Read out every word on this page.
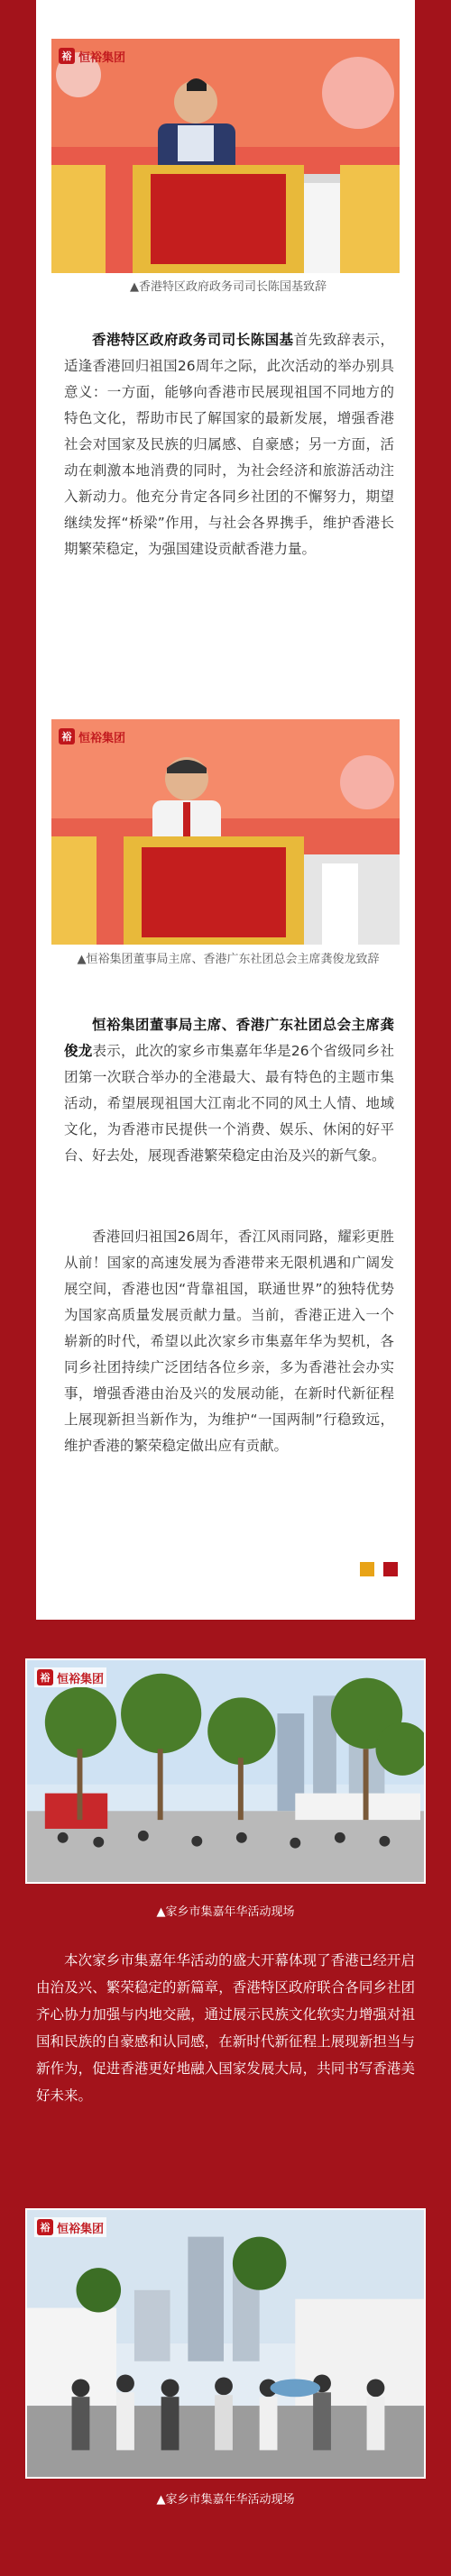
裕 恒裕集团
▲香港特区政府政务司司长陈国基致辞
香港特区政府政务司司长陈国基首先致辞表示，适逢香港回归祖国26周年之际，此次活动的举办别具意义：一方面，能够向香港市民展现祖国不同地方的特色文化，帮助市民了解国家的最新发展，增强香港社会对国家及民族的归属感、自豪感；另一方面，活动在刺激本地消费的同时，为社会经济和旅游活动注入新动力。他充分肯定各同乡社团的不懈努力，期望继续发挥“桥梁”作用，与社会各界携手，维护香港长期繁荣稳定，为强国建设贡献香港力量。
裕 恒裕集团
▲恒裕集团董事局主席、香港广东社团总会主席龚俊龙致辞
恒裕集团董事局主席、香港广东社团总会主席龚俊龙表示，此次的家乡市集嘉年华是26个省级同乡社团第一次联合举办的全港最大、最有特色的主题市集活动，希望展现祖国大江南北不同的风土人情、地域文化，为香港市民提供一个消费、娱乐、休闲的好平台、好去处，展现香港繁荣稳定由治及兴的新气象。
香港回归祖国26周年，香江风雨同路，耀彩更胜从前！国家的高速发展为香港带来无限机遇和广阔发展空间，香港也因“背靠祖国，联通世界”的独特优势为国家高质量发展贡献力量。当前，香港正进入一个崭新的时代，希望以此次家乡市集嘉年华为契机，各同乡社团持续广泛团结各位乡亲，多为香港社会办实事，增强香港由治及兴的发展动能，在新时代新征程上展现新担当新作为，为维护“一国两制”行稳致远，维护香港的繁荣稳定做出应有贡献。
裕 恒裕集团
▲家乡市集嘉年华活动现场
本次家乡市集嘉年华活动的盛大开幕体现了香港已经开启由治及兴、繁荣稳定的新篇章，香港特区政府联合各同乡社团齐心协力加强与内地交融，通过展示民族文化软实力增强对祖国和民族的自豪感和认同感，在新时代新征程上展现新担当与新作为，促进香港更好地融入国家发展大局，共同书写香港美好未来。
裕 恒裕集团
▲家乡市集嘉年华活动现场
